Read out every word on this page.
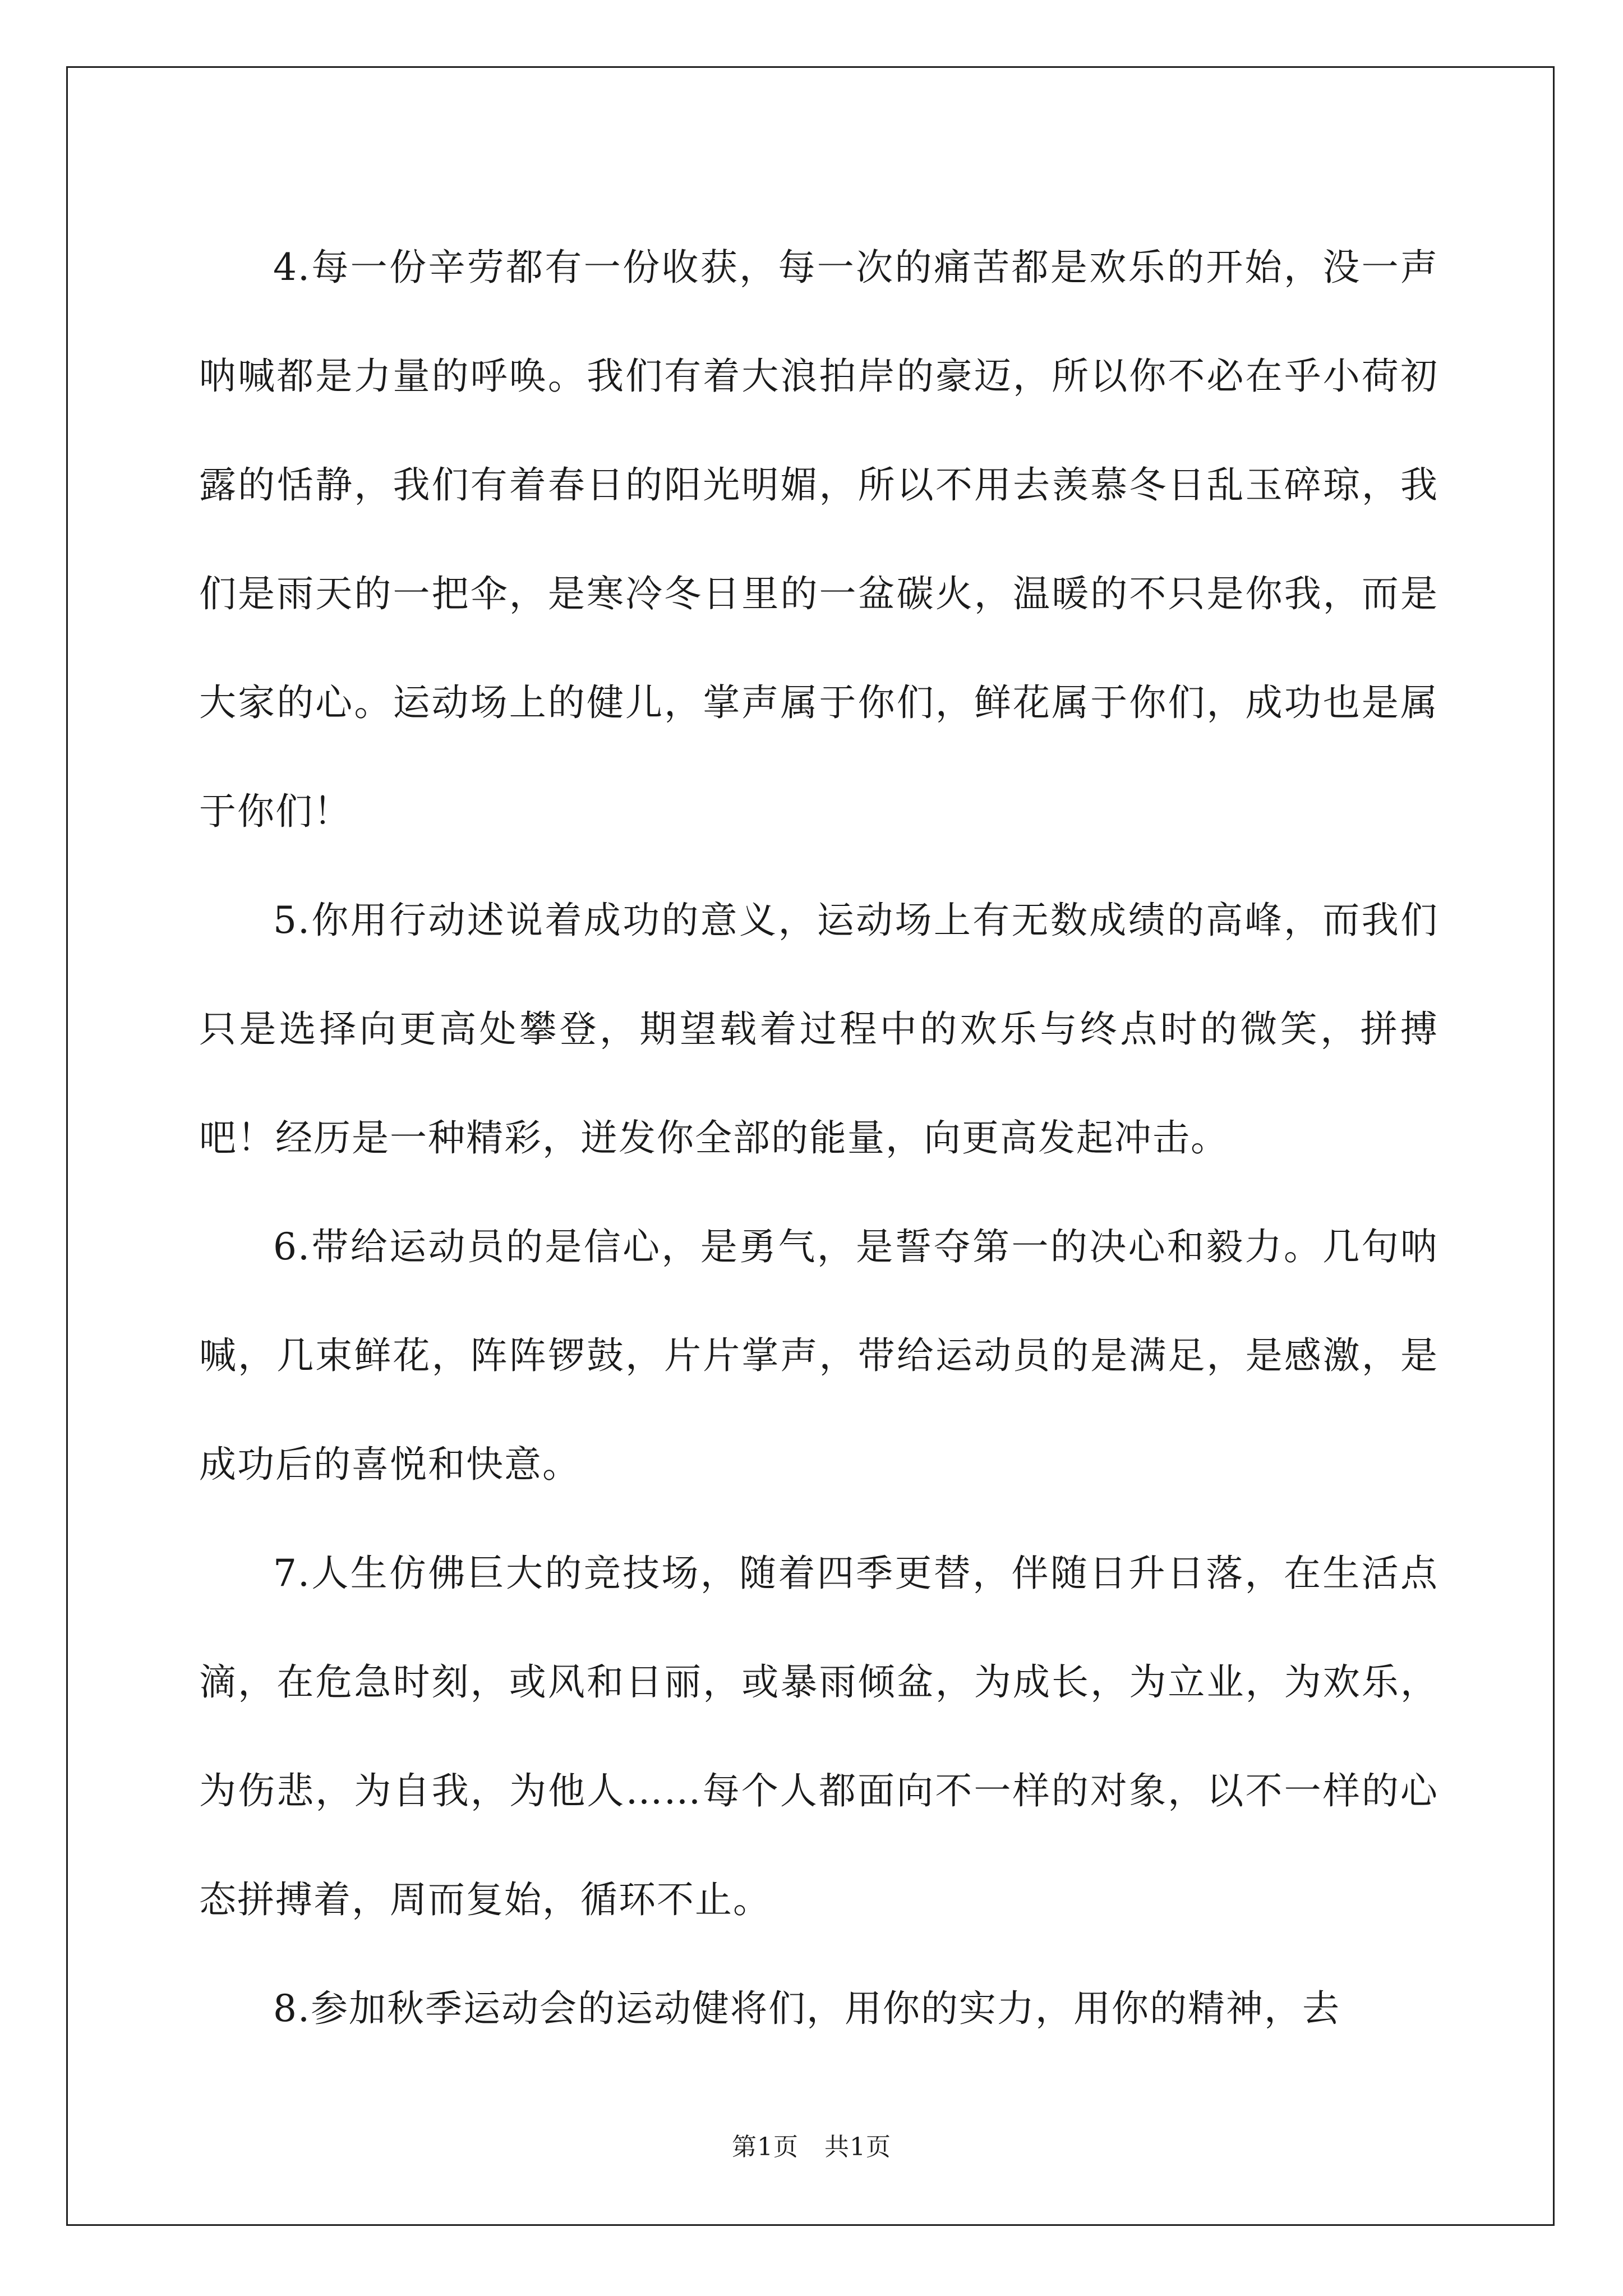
4.每一份辛劳都有一份收获，每一次的痛苦都是欢乐的开始，没一声呐喊都是力量的呼唤。我们有着大浪拍岸的豪迈，所以你不必在乎小荷初露的恬静，我们有着春日的阳光明媚，所以不用去羡慕冬日乱玉碎琼，我们是雨天的一把伞，是寒冷冬日里的一盆碳火，温暖的不只是你我，而是大家的心。运动场上的健儿，掌声属于你们，鲜花属于你们，成功也是属于你们！

5.你用行动述说着成功的意义，运动场上有无数成绩的高峰，而我们只是选择向更高处攀登，期望载着过程中的欢乐与终点时的微笑，拼搏吧！经历是一种精彩，迸发你全部的能量，向更高发起冲击。

6.带给运动员的是信心，是勇气，是誓夺第一的决心和毅力。几句呐喊，几束鲜花，阵阵锣鼓，片片掌声，带给运动员的是满足，是感激，是成功后的喜悦和快意。

7.人生仿佛巨大的竞技场，随着四季更替，伴随日升日落，在生活点滴，在危急时刻，或风和日丽，或暴雨倾盆，为成长，为立业，为欢乐，为伤悲，为自我，为他人……每个人都面向不一样的对象，以不一样的心态拼搏着，周而复始，循环不止。

8.参加秋季运动会的运动健将们，用你的实力，用你的精神，去

第1页 共1页
